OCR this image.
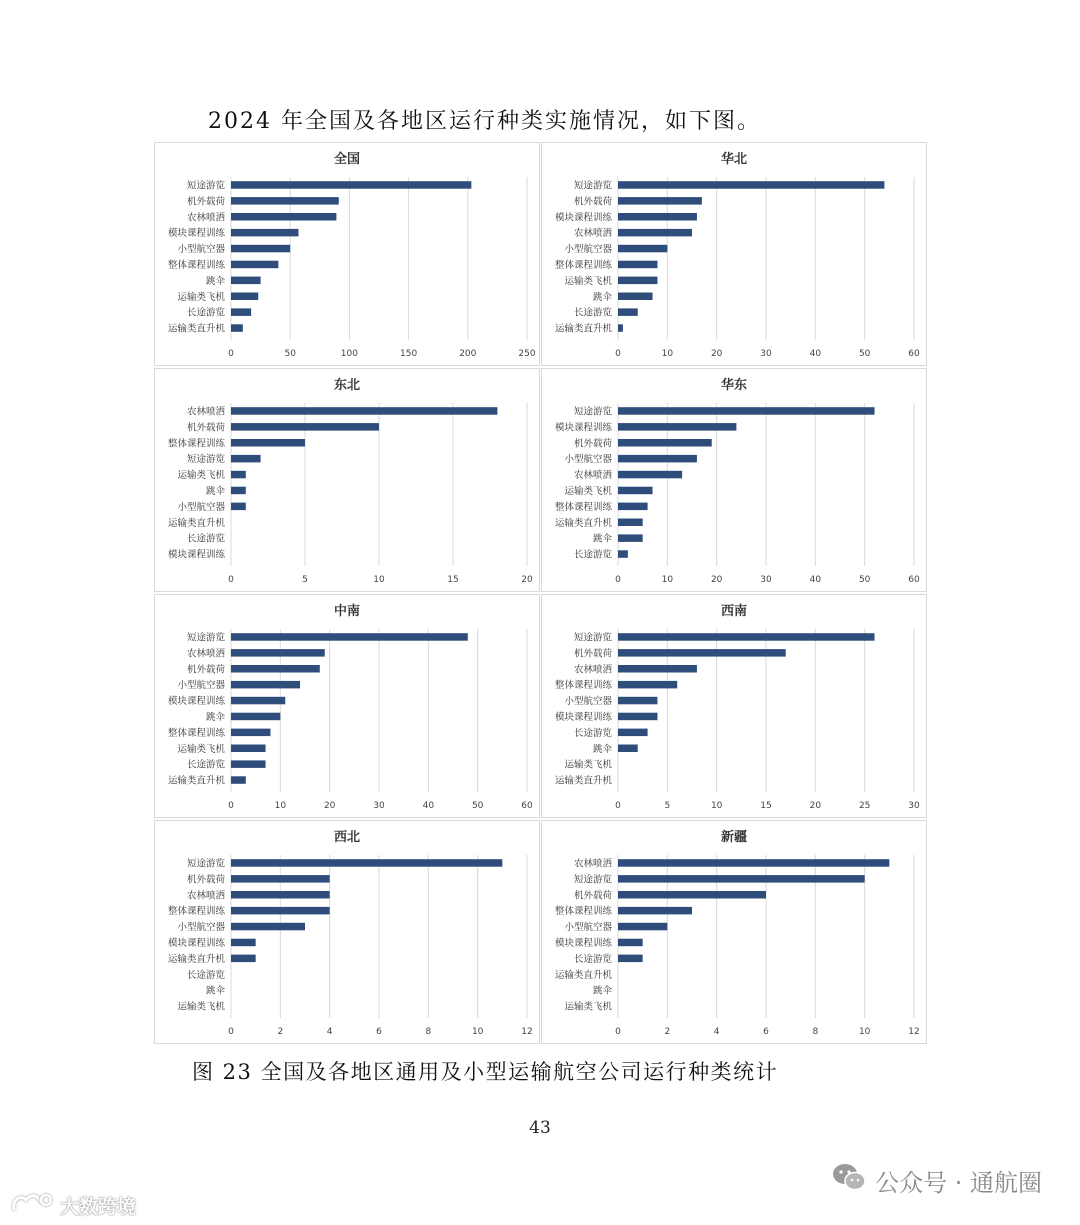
2024 年全国及各地区运行种类实施情况，如下图。
全国
0	50	100	150	200	250
短途游览
机外载荷
农林喷洒
模块课程训练
小型航空器
整体课程训练
跳伞
运输类飞机
长途游览
运输类直升机
华北
0	10	20	30	40	50	60
短途游览
机外载荷
模块课程训练
农林喷洒
小型航空器
整体课程训练
运输类飞机
跳伞
长途游览
运输类直升机
东北
0	5	10	15	20
农林喷洒
机外载荷
整体课程训练
短途游览
运输类飞机
跳伞
小型航空器
运输类直升机
长途游览
模块课程训练
华东
0	10	20	30	40	50	60
短途游览
模块课程训练
机外载荷
小型航空器
农林喷洒
运输类飞机
整体课程训练
运输类直升机
跳伞
长途游览
中南
0	10	20	30	40	50	60
短途游览
农林喷洒
机外载荷
小型航空器
模块课程训练
跳伞
整体课程训练
运输类飞机
长途游览
运输类直升机
西南
0	5	10	15	20	25	30
短途游览
机外载荷
农林喷洒
整体课程训练
小型航空器
模块课程训练
长途游览
跳伞
运输类飞机
运输类直升机
西北
0	2	4	6	8	10	12
短途游览
机外载荷
农林喷洒
整体课程训练
小型航空器
模块课程训练
运输类直升机
长途游览
跳伞
运输类飞机
新疆
0	2	4	6	8	10	12
农林喷洒
短途游览
机外载荷
整体课程训练
小型航空器
模块课程训练
长途游览
运输类直升机
跳伞
运输类飞机
图 23 全国及各地区通用及小型运输航空公司运行种类统计
43
公众号 · 通航圈
大数跨境
